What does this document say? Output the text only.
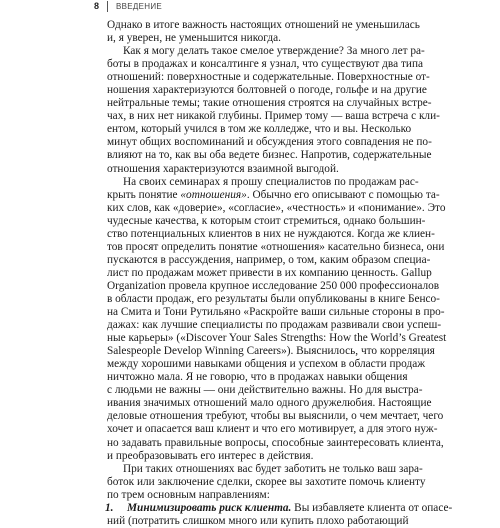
8 ВВЕДЕНИЕ

Однако в итоге важность настоящих отношений не уменьшилась
и, я уверен, не уменьшится никогда.

Как я могу делать такое смелое утверждение? За много лет ра-
боты в продажах и консалтинге я узнал, что существуют два типа
отношений: поверхностные и содержательные. Поверхностные от-
ношения характеризуются болтовней о погоде, гольфе и на другие
нейтральные темы; такие отношения строятся на случайных встре-
чах, в них нет никакой глубины. Пример тому — ваша встреча с кли-
ентом, который учился в том же колледже, что и вы. Несколько
минут общих воспоминаний и обсуждения этого совпадения не по-
влияют на то, как вы оба ведете бизнес. Напротив, содержательные
отношения характеризуются взаимной выгодой.

На своих семинарах я прошу специалистов по продажам рас-
крыть понятие «отношения». Обычно его описывают с помощью та-
ких слов, как «доверие», «согласие», «честность» и «понимание». Это
чудесные качества, к которым стоит стремиться, однако большин-
ство потенциальных клиентов в них не нуждаются. Когда же клиен-
тов просят определить понятие «отношения» касательно бизнеса, они
пускаются в рассуждения, например, о том, каким образом специа-
лист по продажам может привести в их компанию ценность. Gallup
Organization провела крупное исследование 250 000 профессионалов
в области продаж, его результаты были опубликованы в книге Бенсо-
на Смита и Тони Рутильяно «Раскройте ваши сильные стороны в про-
дажах: как лучшие специалисты по продажам развивали свои успеш-
ные карьеры» («Discover Your Sales Strengths: How the World’s Greatest
Salespeople Develop Winning Careers»). Выяснилось, что корреляция
между хорошими навыками общения и успехом в области продаж
ничтожно мала. Я не говорю, что в продажах навыки общения
с людьми не важны — они действительно важны. Но для выстра-
ивания значимых отношений мало одного дружелюбия. Настоящие
деловые отношения требуют, чтобы вы выяснили, о чем мечтает, чего
хочет и опасается ваш клиент и что его мотивирует, а для этого нуж-
но задавать правильные вопросы, способные заинтересовать клиента,
и преобразовывать его интерес в действия.

При таких отношениях вас будет заботить не только ваш зара-
боток или заключение сделки, скорее вы захотите помочь клиенту
по трем основным направлениям:

1. Минимизировать риск клиента. Вы избавляете клиента от опасе-
ний (потратить слишком много или купить плохо работающий
